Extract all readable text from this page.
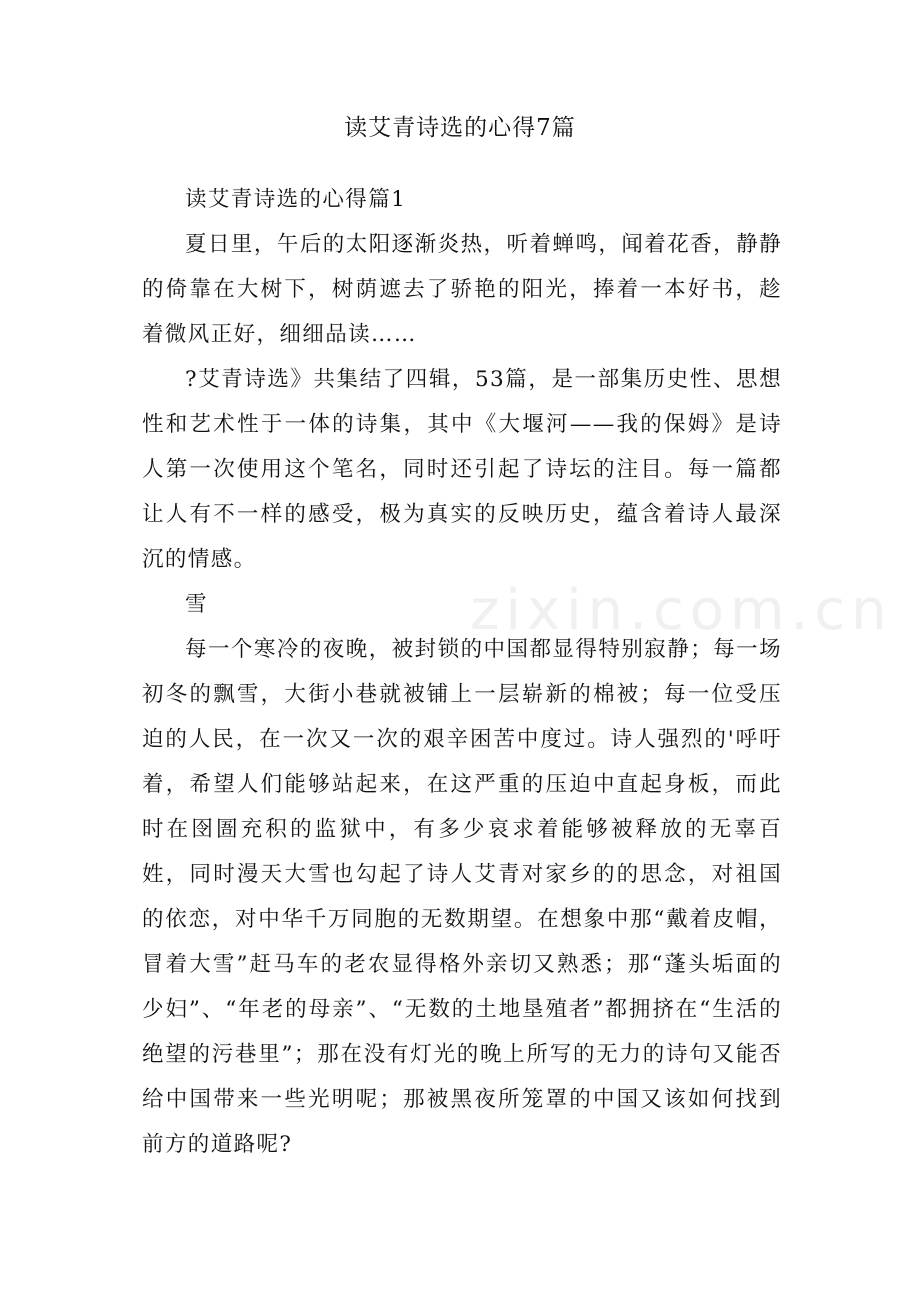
zixin.com.cn
读艾青诗选的心得7篇

读艾青诗选的心得篇1

夏日里，午后的太阳逐渐炎热，听着蝉鸣，闻着花香，静静的倚靠在大树下，树荫遮去了骄艳的阳光，捧着一本好书，趁着微风正好，细细品读……

?艾青诗选》共集结了四辑，53篇，是一部集历史性、思想性和艺术性于一体的诗集，其中《大堰河——我的保姆》是诗人第一次使用这个笔名，同时还引起了诗坛的注目。每一篇都让人有不一样的感受，极为真实的反映历史，蕴含着诗人最深沉的情感。

雪

每一个寒冷的夜晚，被封锁的中国都显得特别寂静；每一场初冬的飘雪，大街小巷就被铺上一层崭新的棉被；每一位受压迫的人民，在一次又一次的艰辛困苦中度过。诗人强烈的'呼吁着，希望人们能够站起来，在这严重的压迫中直起身板，而此时在囹圄充积的监狱中，有多少哀求着能够被释放的无辜百姓，同时漫天大雪也勾起了诗人艾青对家乡的的思念，对祖国的依恋，对中华千万同胞的无数期望。在想象中那“戴着皮帽，冒着大雪”赶马车的老农显得格外亲切又熟悉；那“蓬头垢面的少妇”、“年老的母亲”、“无数的土地垦殖者”都拥挤在“生活的绝望的污巷里”；那在没有灯光的晚上所写的无力的诗句又能否给中国带来一些光明呢；那被黑夜所笼罩的中国又该如何找到前方的道路呢?
